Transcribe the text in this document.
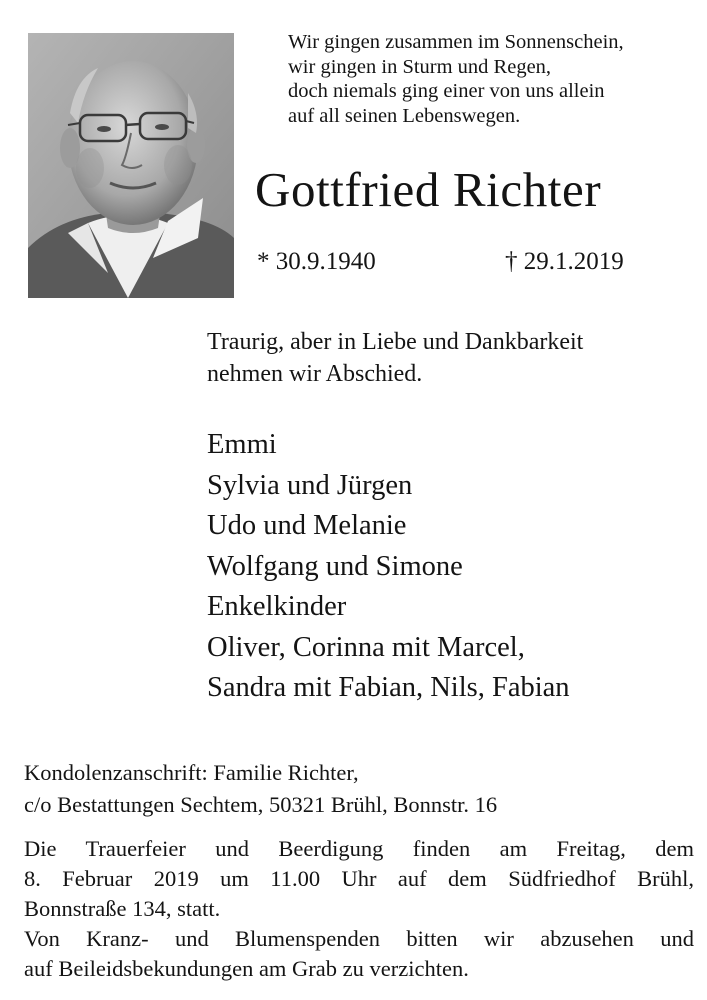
Wir gingen zusammen im Sonnenschein,
wir gingen in Sturm und Regen,
doch niemals ging einer von uns allein
auf all seinen Lebenswegen.
Gottfried Richter
* 30.9.1940	† 29.1.2019
Traurig, aber in Liebe und Dankbarkeit
nehmen wir Abschied.
Emmi
Sylvia und Jürgen
Udo und Melanie
Wolfgang und Simone
Enkelkinder
Oliver, Corinna mit Marcel,
Sandra mit Fabian, Nils, Fabian
Kondolenzanschrift: Familie Richter,
c/o Bestattungen Sechtem, 50321 Brühl, Bonnstr. 16
Die Trauerfeier und Beerdigung finden am Freitag, dem
8. Februar 2019 um 11.00 Uhr auf dem Südfriedhof Brühl,
Bonnstraße 134, statt.
Von Kranz- und Blumenspenden bitten wir abzusehen und
auf Beileidsbekundungen am Grab zu verzichten.
